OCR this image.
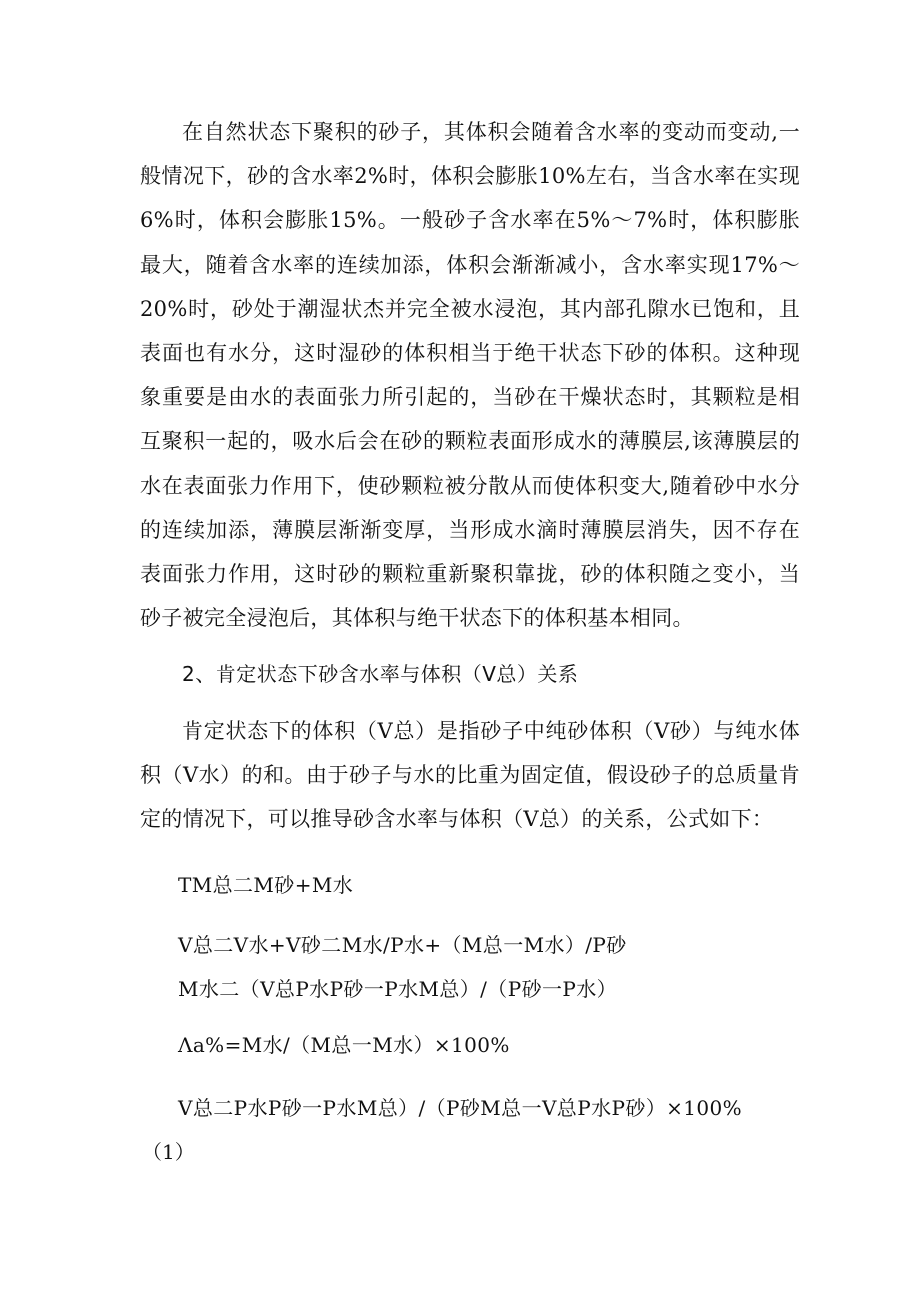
在自然状态下聚积的砂子，其体积会随着含水率的变动而变动,一般情况下，砂的含水率2%时，体积会膨胀10%左右，当含水率在实现6%时，体积会膨胀15%。一般砂子含水率在5%～7%时，体积膨胀最大，随着含水率的连续加添，体积会渐渐减小，含水率实现17%～20%时，砂处于潮湿状杰并完全被水浸泡，其内部孔隙水已饱和，且表面也有水分，这时湿砂的体积相当于绝干状态下砂的体积。这种现象重要是由水的表面张力所引起的，当砂在干燥状态时，其颗粒是相互聚积一起的，吸水后会在砂的颗粒表面形成水的薄膜层,该薄膜层的水在表面张力作用下，使砂颗粒被分散从而使体积变大,随着砂中水分的连续加添，薄膜层渐渐变厚，当形成水滴时薄膜层消失，因不存在表面张力作用，这时砂的颗粒重新聚积靠拢，砂的体积随之变小，当砂子被完全浸泡后，其体积与绝干状态下的体积基本相同。

2、肯定状态下砂含水率与体积（V总）关系

肯定状态下的体积（V总）是指砂子中纯砂体积（V砂）与纯水体积（V水）的和。由于砂子与水的比重为固定值，假设砂子的总质量肯定的情况下，可以推导砂含水率与体积（V总）的关系，公式如下：

TM总二M砂+M水

V总二V水+V砂二M水/P水+（M总一M水）/P砂

M水二（V总P水P砂一P水M总）/（P砂一P水）

Λa%=M水/（M总一M水）×100%

V总二P水P砂一P水M总）/（P砂M总一V总P水P砂）×100%

（1）
